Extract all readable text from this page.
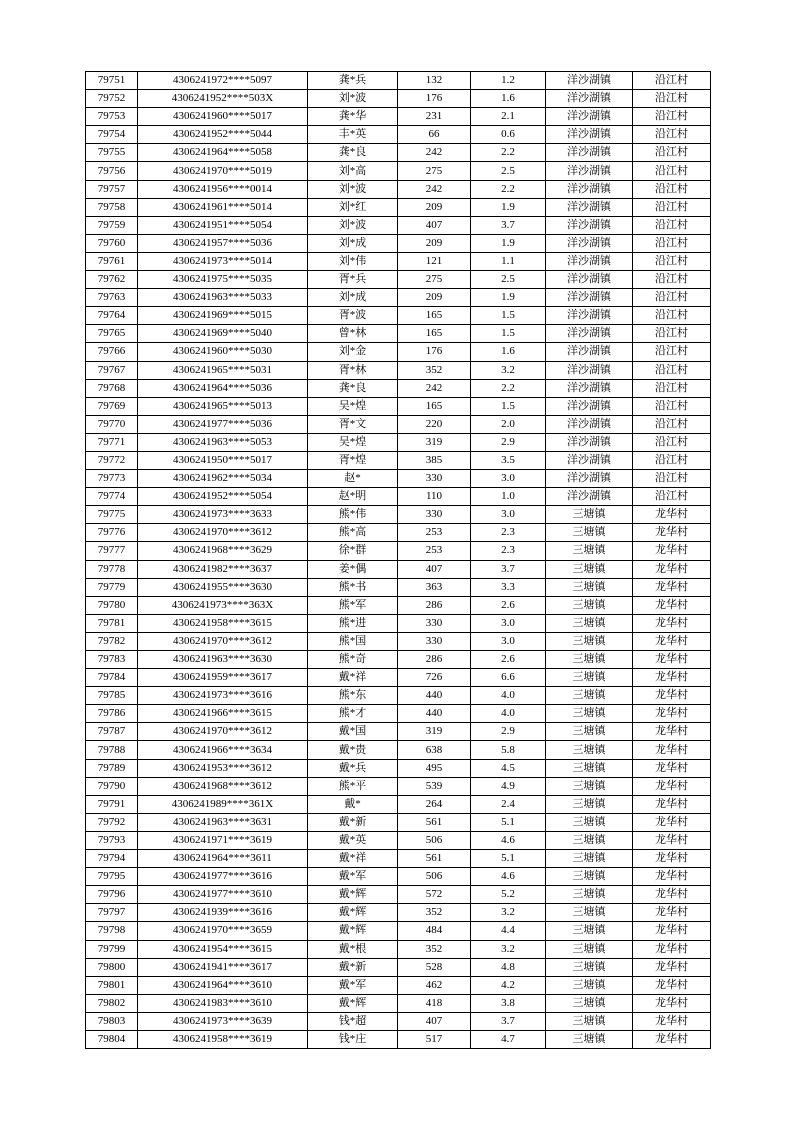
79751	4306241972****5097	龚*兵	132	1.2	洋沙湖镇	沿江村
79752	4306241952****503X	刘*波	176	1.6	洋沙湖镇	沿江村
79753	4306241960****5017	龚*华	231	2.1	洋沙湖镇	沿江村
79754	4306241952****5044	丰*英	66	0.6	洋沙湖镇	沿江村
79755	4306241964****5058	龚*良	242	2.2	洋沙湖镇	沿江村
79756	4306241970****5019	刘*高	275	2.5	洋沙湖镇	沿江村
79757	4306241956****0014	刘*波	242	2.2	洋沙湖镇	沿江村
79758	4306241961****5014	刘*红	209	1.9	洋沙湖镇	沿江村
79759	4306241951****5054	刘*波	407	3.7	洋沙湖镇	沿江村
79760	4306241957****5036	刘*成	209	1.9	洋沙湖镇	沿江村
79761	4306241973****5014	刘*伟	121	1.1	洋沙湖镇	沿江村
79762	4306241975****5035	胥*兵	275	2.5	洋沙湖镇	沿江村
79763	4306241963****5033	刘*成	209	1.9	洋沙湖镇	沿江村
79764	4306241969****5015	胥*波	165	1.5	洋沙湖镇	沿江村
79765	4306241969****5040	曾*林	165	1.5	洋沙湖镇	沿江村
79766	4306241960****5030	刘*金	176	1.6	洋沙湖镇	沿江村
79767	4306241965****5031	胥*林	352	3.2	洋沙湖镇	沿江村
79768	4306241964****5036	龚*良	242	2.2	洋沙湖镇	沿江村
79769	4306241965****5013	吴*煌	165	1.5	洋沙湖镇	沿江村
79770	4306241977****5036	胥*文	220	2.0	洋沙湖镇	沿江村
79771	4306241963****5053	吴*煌	319	2.9	洋沙湖镇	沿江村
79772	4306241950****5017	胥*煌	385	3.5	洋沙湖镇	沿江村
79773	4306241962****5034	赵*	330	3.0	洋沙湖镇	沿江村
79774	4306241952****5054	赵*明	110	1.0	洋沙湖镇	沿江村
79775	4306241973****3633	熊*伟	330	3.0	三塘镇	龙华村
79776	4306241970****3612	熊*高	253	2.3	三塘镇	龙华村
79777	4306241968****3629	徐*群	253	2.3	三塘镇	龙华村
79778	4306241982****3637	姜*偶	407	3.7	三塘镇	龙华村
79779	4306241955****3630	熊*书	363	3.3	三塘镇	龙华村
79780	4306241973****363X	熊*军	286	2.6	三塘镇	龙华村
79781	4306241958****3615	熊*进	330	3.0	三塘镇	龙华村
79782	4306241970****3612	熊*国	330	3.0	三塘镇	龙华村
79783	4306241963****3630	熊*奇	286	2.6	三塘镇	龙华村
79784	4306241959****3617	戴*祥	726	6.6	三塘镇	龙华村
79785	4306241973****3616	熊*东	440	4.0	三塘镇	龙华村
79786	4306241966****3615	熊*才	440	4.0	三塘镇	龙华村
79787	4306241970****3612	戴*国	319	2.9	三塘镇	龙华村
79788	4306241966****3634	戴*贵	638	5.8	三塘镇	龙华村
79789	4306241953****3612	戴*兵	495	4.5	三塘镇	龙华村
79790	4306241968****3612	熊*平	539	4.9	三塘镇	龙华村
79791	4306241989****361X	戴*	264	2.4	三塘镇	龙华村
79792	4306241963****3631	戴*新	561	5.1	三塘镇	龙华村
79793	4306241971****3619	戴*英	506	4.6	三塘镇	龙华村
79794	4306241964****3611	戴*祥	561	5.1	三塘镇	龙华村
79795	4306241977****3616	戴*军	506	4.6	三塘镇	龙华村
79796	4306241977****3610	戴*辉	572	5.2	三塘镇	龙华村
79797	4306241939****3616	戴*辉	352	3.2	三塘镇	龙华村
79798	4306241970****3659	戴*辉	484	4.4	三塘镇	龙华村
79799	4306241954****3615	戴*根	352	3.2	三塘镇	龙华村
79800	4306241941****3617	戴*新	528	4.8	三塘镇	龙华村
79801	4306241964****3610	戴*军	462	4.2	三塘镇	龙华村
79802	4306241983****3610	戴*辉	418	3.8	三塘镇	龙华村
79803	4306241973****3639	钱*超	407	3.7	三塘镇	龙华村
79804	4306241958****3619	钱*庄	517	4.7	三塘镇	龙华村
